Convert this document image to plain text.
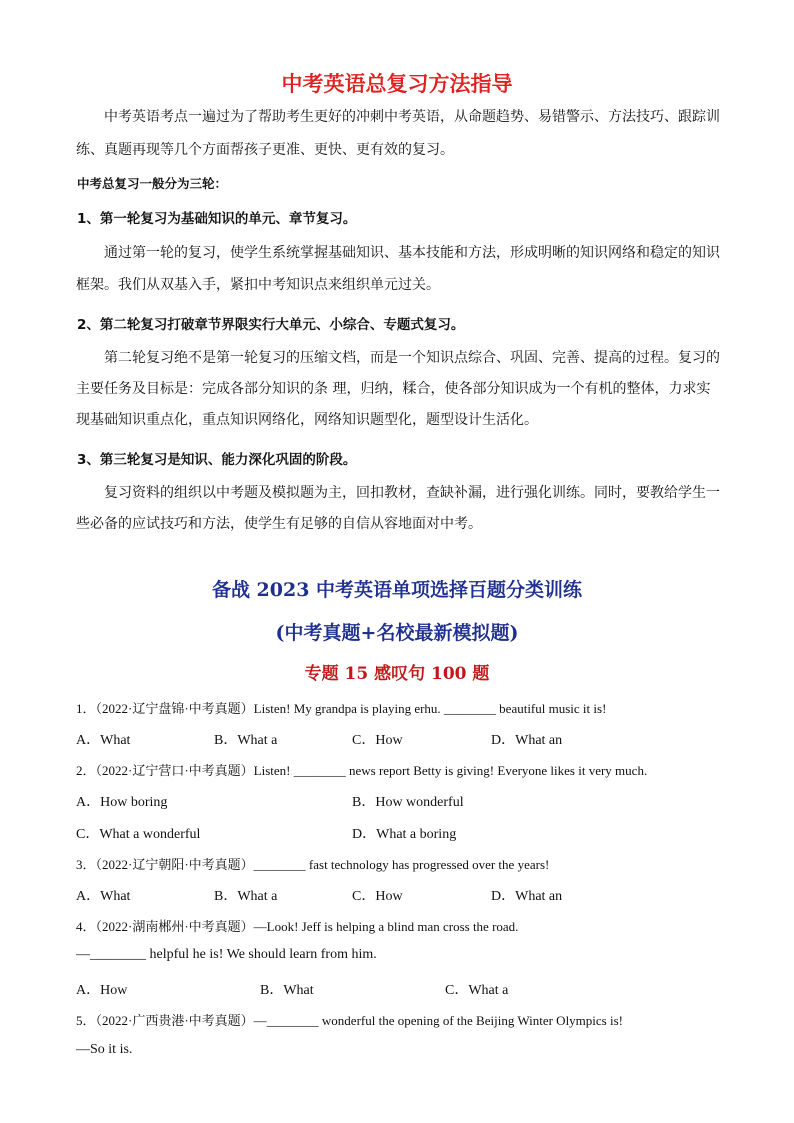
中考英语总复习方法指导
中考英语考点一遍过为了帮助考生更好的冲刺中考英语，从命题趋势、易错警示、方法技巧、跟踪训
练、真题再现等几个方面帮孩子更准、更快、更有效的复习。
中考总复习一般分为三轮：
1、第一轮复习为基础知识的单元、章节复习。
通过第一轮的复习，使学生系统掌握基础知识、基本技能和方法，形成明晰的知识网络和稳定的知识
框架。我们从双基入手，紧扣中考知识点来组织单元过关。
2、第二轮复习打破章节界限实行大单元、小综合、专题式复习。
第二轮复习绝不是第一轮复习的压缩文档，而是一个知识点综合、巩固、完善、提高的过程。复习的
主要任务及目标是：完成各部分知识的条 理，归纳，糅合，使各部分知识成为一个有机的整体，力求实
现基础知识重点化，重点知识网络化，网络知识题型化，题型设计生活化。
3、第三轮复习是知识、能力深化巩固的阶段。
复习资料的组织以中考题及模拟题为主，回扣教材，查缺补漏，进行强化训练。同时，要教给学生一
些必备的应试技巧和方法，使学生有足够的自信从容地面对中考。
备战 2023 中考英语单项选择百题分类训练
(中考真题+名校最新模拟题)
专题 15 感叹句 100 题
1．（2022·辽宁盘锦·中考真题）Listen! My grandpa is playing erhu. ________ beautiful music it is!
A．What	B．What a	C．How	D．What an
2．（2022·辽宁营口·中考真题）Listen! ________ news report Betty is giving! Everyone likes it very much.
A．How boring	B．How wonderful
C．What a wonderful	D．What a boring
3．（2022·辽宁朝阳·中考真题）________ fast technology has progressed over the years!
A．What	B．What a	C．How	D．What an
4．（2022·湖南郴州·中考真题）—Look! Jeff is helping a blind man cross the road.
—________ helpful he is! We should learn from him.
A．How	B．What	C．What a
5．（2022·广西贵港·中考真题）—________ wonderful the opening of the Beijing Winter Olympics is!
—So it is.
